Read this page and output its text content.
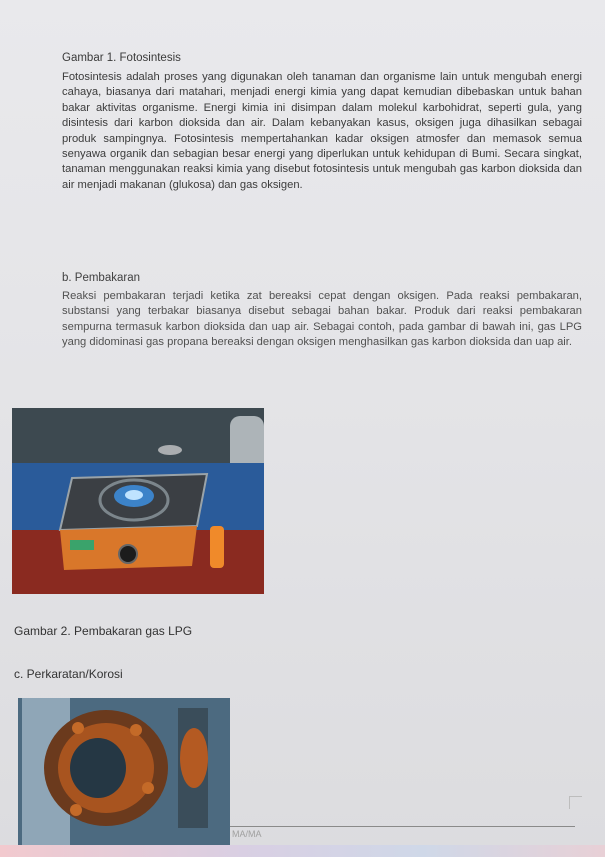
Gambar 1. Fotosintesis

Fotosintesis adalah proses yang digunakan oleh tanaman dan organisme lain untuk mengubah energi cahaya, biasanya dari matahari, menjadi energi kimia yang dapat kemudian dibebaskan untuk bahan bakar aktivitas organisme. Energi kimia ini disimpan dalam molekul karbohidrat, seperti gula, yang disintesis dari karbon dioksida dan air. Dalam kebanyakan kasus, oksigen juga dihasilkan sebagai produk sampingnya. Fotosintesis mempertahankan kadar oksigen atmosfer dan memasok semua senyawa organik dan sebagian besar energi yang diperlukan untuk kehidupan di Bumi. Secara singkat, tanaman menggunakan reaksi kimia yang disebut fotosintesis untuk mengubah gas karbon dioksida dan air menjadi makanan (glukosa) dan gas oksigen.

b. Pembakaran

Reaksi pembakaran terjadi ketika zat bereaksi cepat dengan oksigen. Pada reaksi pembakaran, substansi yang terbakar biasanya disebut sebagai bahan bakar. Produk dari reaksi pembakaran sempurna termasuk karbon dioksida dan uap air. Sebagai contoh, pada gambar di bawah ini, gas LPG yang didominasi gas propana bereaksi dengan oksigen menghasilkan gas karbon dioksida dan uap air.

Gambar 2. Pembakaran gas LPG
c. Perkaratan/Korosi
MA/MA
